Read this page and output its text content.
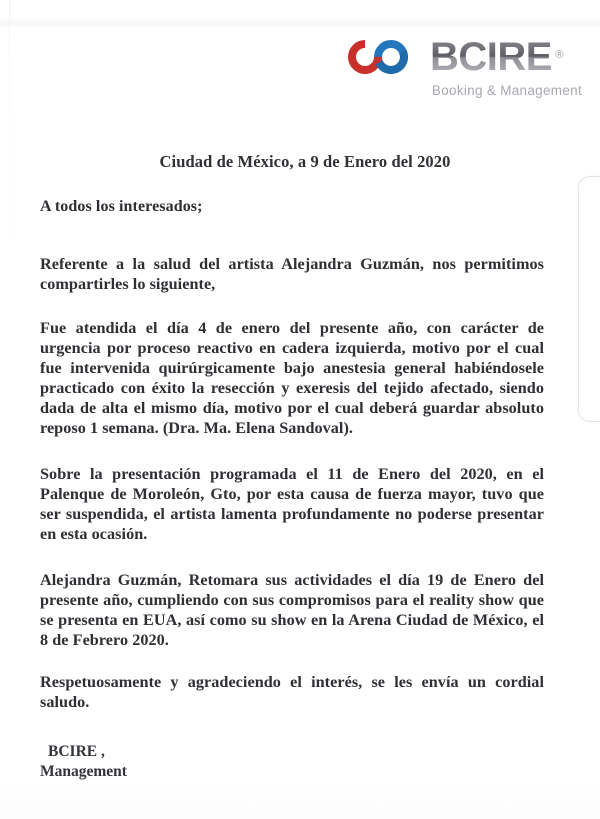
BCIRE ®
Booking & Management
Ciudad de México, a 9 de Enero del 2020
A todos los interesados;

Referente a la salud del artista Alejandra Guzmán, nos permitimos compartirles lo siguiente,

Fue atendida el día 4 de enero del presente año, con carácter de urgencia por proceso reactivo en cadera izquierda, motivo por el cual fue intervenida quirúrgicamente bajo anestesia general habiéndosele practicado con éxito la resección y exeresis del tejido afectado, siendo dada de alta el mismo día, motivo por el cual deberá guardar absoluto reposo 1 semana. (Dra. Ma. Elena Sandoval).

Sobre la presentación programada el 11 de Enero del 2020, en el Palenque de Moroleón, Gto, por esta causa de fuerza mayor, tuvo que ser suspendida, el artista lamenta profundamente no poderse presentar en esta ocasión.

Alejandra Guzmán, Retomara sus actividades el día 19 de Enero del presente año, cumpliendo con sus compromisos para el reality show que se presenta en EUA, así como su show en la Arena Ciudad de México, el 8 de Febrero 2020.

Respetuosamente y agradeciendo el interés, se les envía un cordial saludo.

BCIRE ,
Management
